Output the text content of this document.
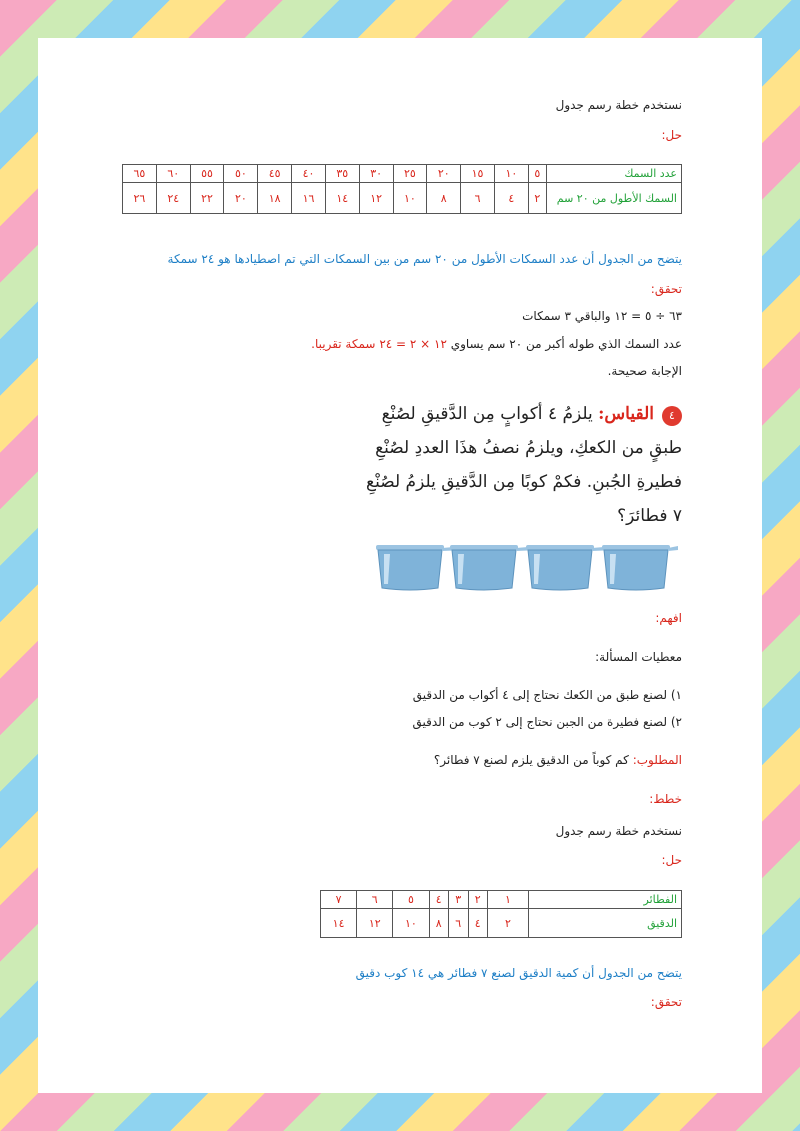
نستخدم خطة رسم جدول
حل:
عدد السمك	٥	١٠	١٥	٢٠	٢٥	٣٠	٣٥	٤٠	٤٥	٥٠	٥٥	٦٠	٦٥
السمك الأطول من ٢٠ سم	٢	٤	٦	٨	١٠	١٢	١٤	١٦	١٨	٢٠	٢٢	٢٤	٢٦
يتضح من الجدول أن عدد السمكات الأطول من ٢٠ سم من بين السمكات التي تم اصطيادها هو ٢٤ سمكة
تحقق:
٦٣ ÷ ٥ = ١٢ والباقي ٣ سمكات
عدد السمك الذي طوله أكبر من ٢٠ سم يساوي ١٢ × ٢ = ٢٤ سمكة تقريبا.
الإجابة صحيحة.
٤
القياس: يلزمُ ٤ أكوابٍ مِن الدَّقيقِ لصُنْعِ
طبقٍ من الكعكِ، ويلزمُ نصفُ هذَا العددِ لصُنْعِ
فطيرةِ الجُبنِ. فكمْ كوبًا مِن الدَّقيقِ يلزمُ لصُنْعِ
٧ فطائرَ؟
افهم:
معطيات المسألة:
١) لصنع طبق من الكعك نحتاج إلى ٤ أكواب من الدقيق
٢) لصنع فطيرة من الجبن نحتاج إلى ٢ كوب من الدقيق
المطلوب: كم كوباً من الدقيق يلزم لصنع ٧ فطائر؟
خطط:
نستخدم خطة رسم جدول
حل:
الفطائر	١	٢	٣	٤	٥	٦	٧
الدقيق	٢	٤	٦	٨	١٠	١٢	١٤
يتضح من الجدول أن كمية الدقيق لصنع ٧ فطائر هي ١٤ كوب دقيق
تحقق:
